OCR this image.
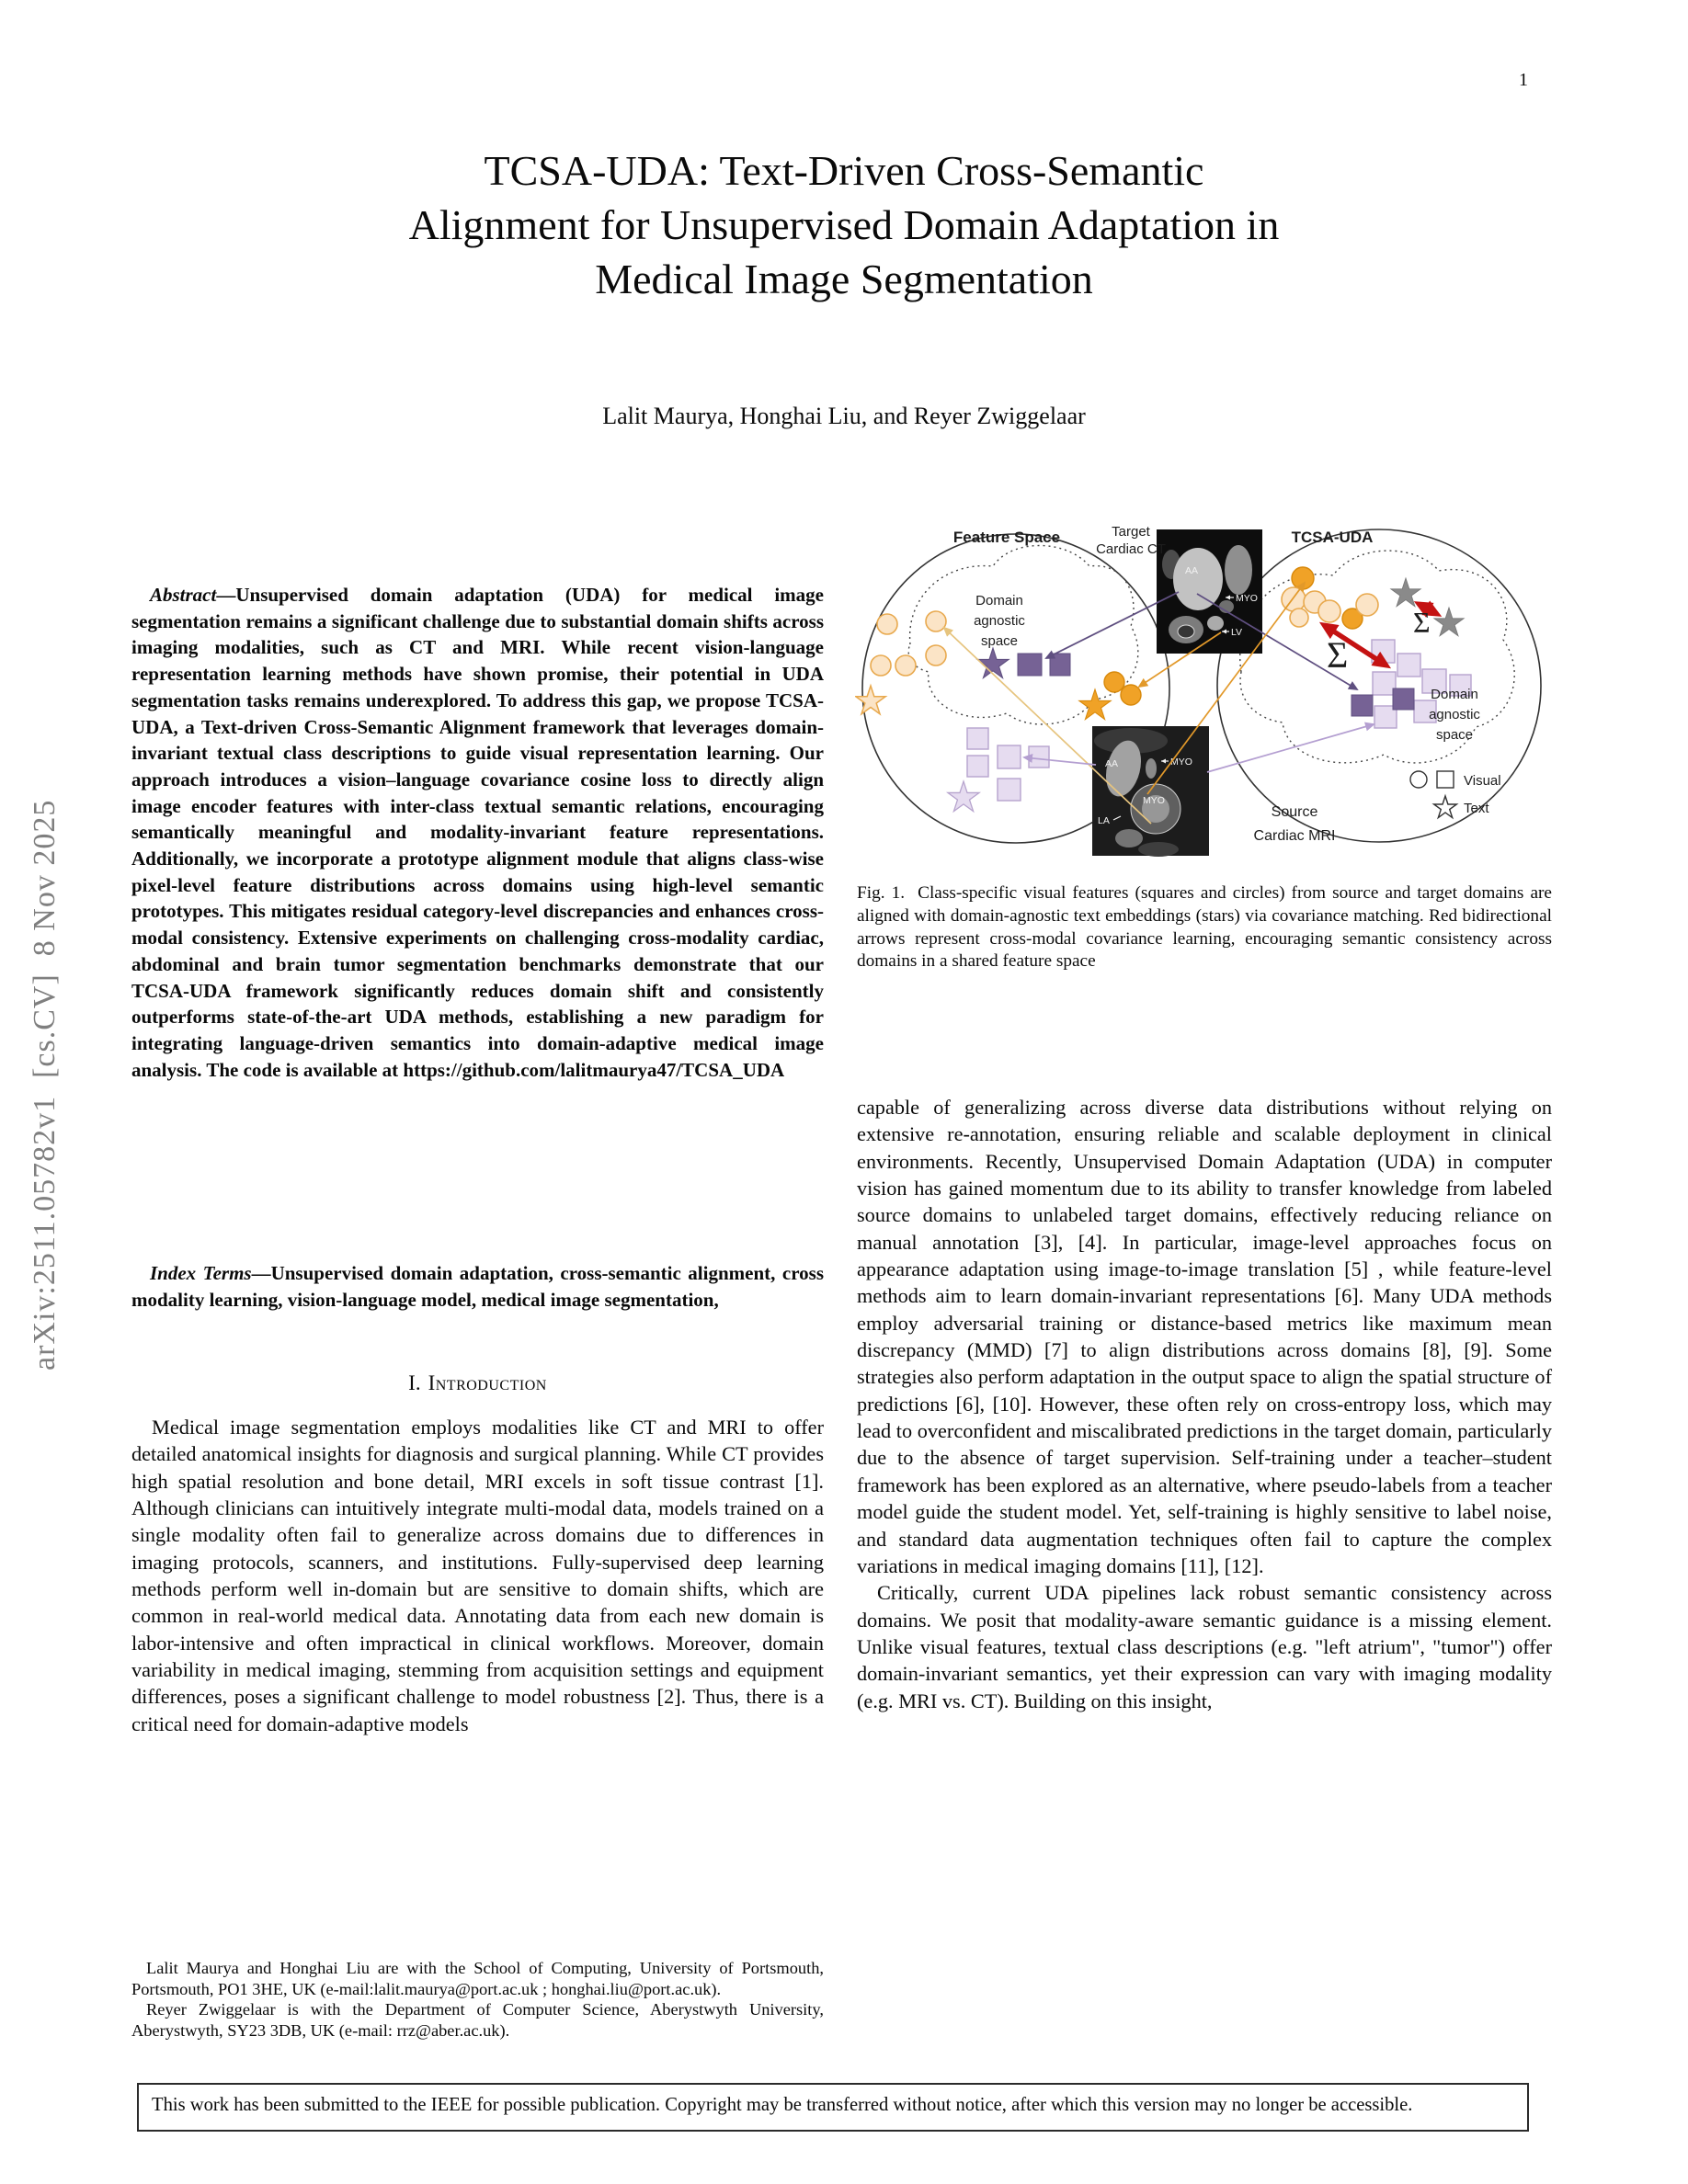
1
TCSA-UDA: Text-Driven Cross-Semantic
Alignment for Unsupervised Domain Adaptation in
Medical Image Segmentation
Lalit Maurya, Honghai Liu, and Reyer Zwiggelaar
arXiv:2511.05782v1  [cs.CV]  8 Nov 2025

Abstract—Unsupervised domain adaptation (UDA) for medical image segmentation remains a significant challenge due to substantial domain shifts across imaging modalities, such as CT and MRI. While recent vision-language representation learning methods have shown promise, their potential in UDA segmentation tasks remains underexplored. To address this gap, we propose TCSA-UDA, a Text-driven Cross-Semantic Alignment framework that leverages domain-invariant textual class descriptions to guide visual representation learning. Our approach introduces a vision–language covariance cosine loss to directly align image encoder features with inter-class textual semantic relations, encouraging semantically meaningful and modality-invariant feature representations. Additionally, we incorporate a prototype alignment module that aligns class-wise pixel-level feature distributions across domains using high-level semantic prototypes. This mitigates residual category-level discrepancies and enhances cross-modal consistency. Extensive experiments on challenging cross-modality cardiac, abdominal and brain tumor segmentation benchmarks demonstrate that our TCSA-UDA framework significantly reduces domain shift and consistently outperforms state-of-the-art UDA methods, establishing a new paradigm for integrating language-driven semantics into domain-adaptive medical image analysis. The code is available at https://github.com/lalitmaurya47/TCSA_UDA

Index Terms—Unsupervised domain adaptation, cross-semantic alignment, cross modality learning, vision-language model, medical image segmentation,

I. Introduction

Medical image segmentation employs modalities like CT and MRI to offer detailed anatomical insights for diagnosis and surgical planning. While CT provides high spatial resolution and bone detail, MRI excels in soft tissue contrast [1]. Although clinicians can intuitively integrate multi-modal data, models trained on a single modality often fail to generalize across domains due to differences in imaging protocols, scanners, and institutions. Fully-supervised deep learning methods perform well in-domain but are sensitive to domain shifts, which are common in real-world medical data. Annotating data from each new domain is labor-intensive and often impractical in clinical workflows. Moreover, domain variability in medical imaging, stemming from acquisition settings and equipment differences, poses a significant challenge to model robustness [2]. Thus, there is a critical need for domain-adaptive models

Lalit Maurya and Honghai Liu are with the School of Computing, University of Portsmouth, Portsmouth, PO1 3HE, UK (e-mail:lalit.maurya@port.ac.uk ; honghai.liu@port.ac.uk).

Reyer Zwiggelaar is with the Department of Computer Science, Aberystwyth University, Aberystwyth, SY23 3DB, UK (e-mail: rrz@aber.ac.uk).

AA
MYO
LV
AA	MYO
MYO
LA
Σ
Σ
Feature Space	Target
Cardiac CT
TCSA-UDA
Domain
agnostic
space
Domain
agnostic
space
Source
Cardiac MRI
Visual
Text
Fig. 1. Class-specific visual features (squares and circles) from source and target domains are aligned with domain-agnostic text embeddings (stars) via covariance matching. Red bidirectional arrows represent cross-modal covariance learning, encouraging semantic consistency across domains in a shared feature space

capable of generalizing across diverse data distributions without relying on extensive re-annotation, ensuring reliable and scalable deployment in clinical environments. Recently, Unsupervised Domain Adaptation (UDA) in computer vision has gained momentum due to its ability to transfer knowledge from labeled source domains to unlabeled target domains, effectively reducing reliance on manual annotation [3], [4]. In particular, image-level approaches focus on appearance adaptation using image-to-image translation [5] , while feature-level methods aim to learn domain-invariant representations [6]. Many UDA methods employ adversarial training or distance-based metrics like maximum mean discrepancy (MMD) [7] to align distributions across domains [8], [9]. Some strategies also perform adaptation in the output space to align the spatial structure of predictions [6], [10]. However, these often rely on cross-entropy loss, which may lead to overconfident and miscalibrated predictions in the target domain, particularly due to the absence of target supervision. Self-training under a teacher–student framework has been explored as an alternative, where pseudo-labels from a teacher model guide the student model. Yet, self-training is highly sensitive to label noise, and standard data augmentation techniques often fail to capture the complex variations in medical imaging domains [11], [12].

Critically, current UDA pipelines lack robust semantic consistency across domains. We posit that modality-aware semantic guidance is a missing element. Unlike visual features, textual class descriptions (e.g. "left atrium", "tumor") offer domain-invariant semantics, yet their expression can vary with imaging modality (e.g. MRI vs. CT). Building on this insight,

This work has been submitted to the IEEE for possible publication. Copyright may be transferred without notice, after which this version may no longer be accessible.
